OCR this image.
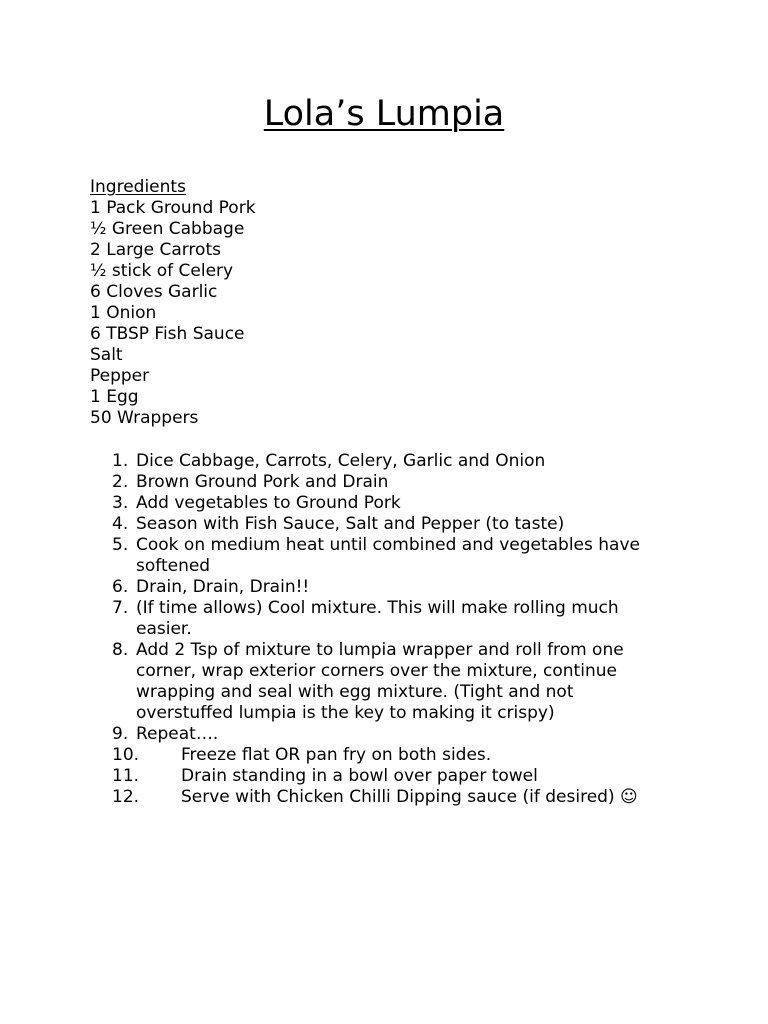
Lola’s Lumpia
Ingredients
1 Pack Ground Pork
½ Green Cabbage
2 Large Carrots
½ stick of Celery
6 Cloves Garlic
1 Onion
6 TBSP Fish Sauce
Salt
Pepper
1 Egg
50 Wrappers
1. Dice Cabbage, Carrots, Celery, Garlic and Onion
2. Brown Ground Pork and Drain
3. Add vegetables to Ground Pork
4. Season with Fish Sauce, Salt and Pepper (to taste)
5. Cook on medium heat until combined and vegetables have softened
6. Drain, Drain, Drain!!
7. (If time allows) Cool mixture. This will make rolling much easier.
8. Add 2 Tsp of mixture to lumpia wrapper and roll from one corner, wrap exterior corners over the mixture, continue wrapping and seal with egg mixture. (Tight and not overstuffed lumpia is the key to making it crispy)
9. Repeat….
10.	Freeze flat OR pan fry on both sides.
11.	Drain standing in a bowl over paper towel
12.	Serve with Chicken Chilli Dipping sauce (if desired) ☺
